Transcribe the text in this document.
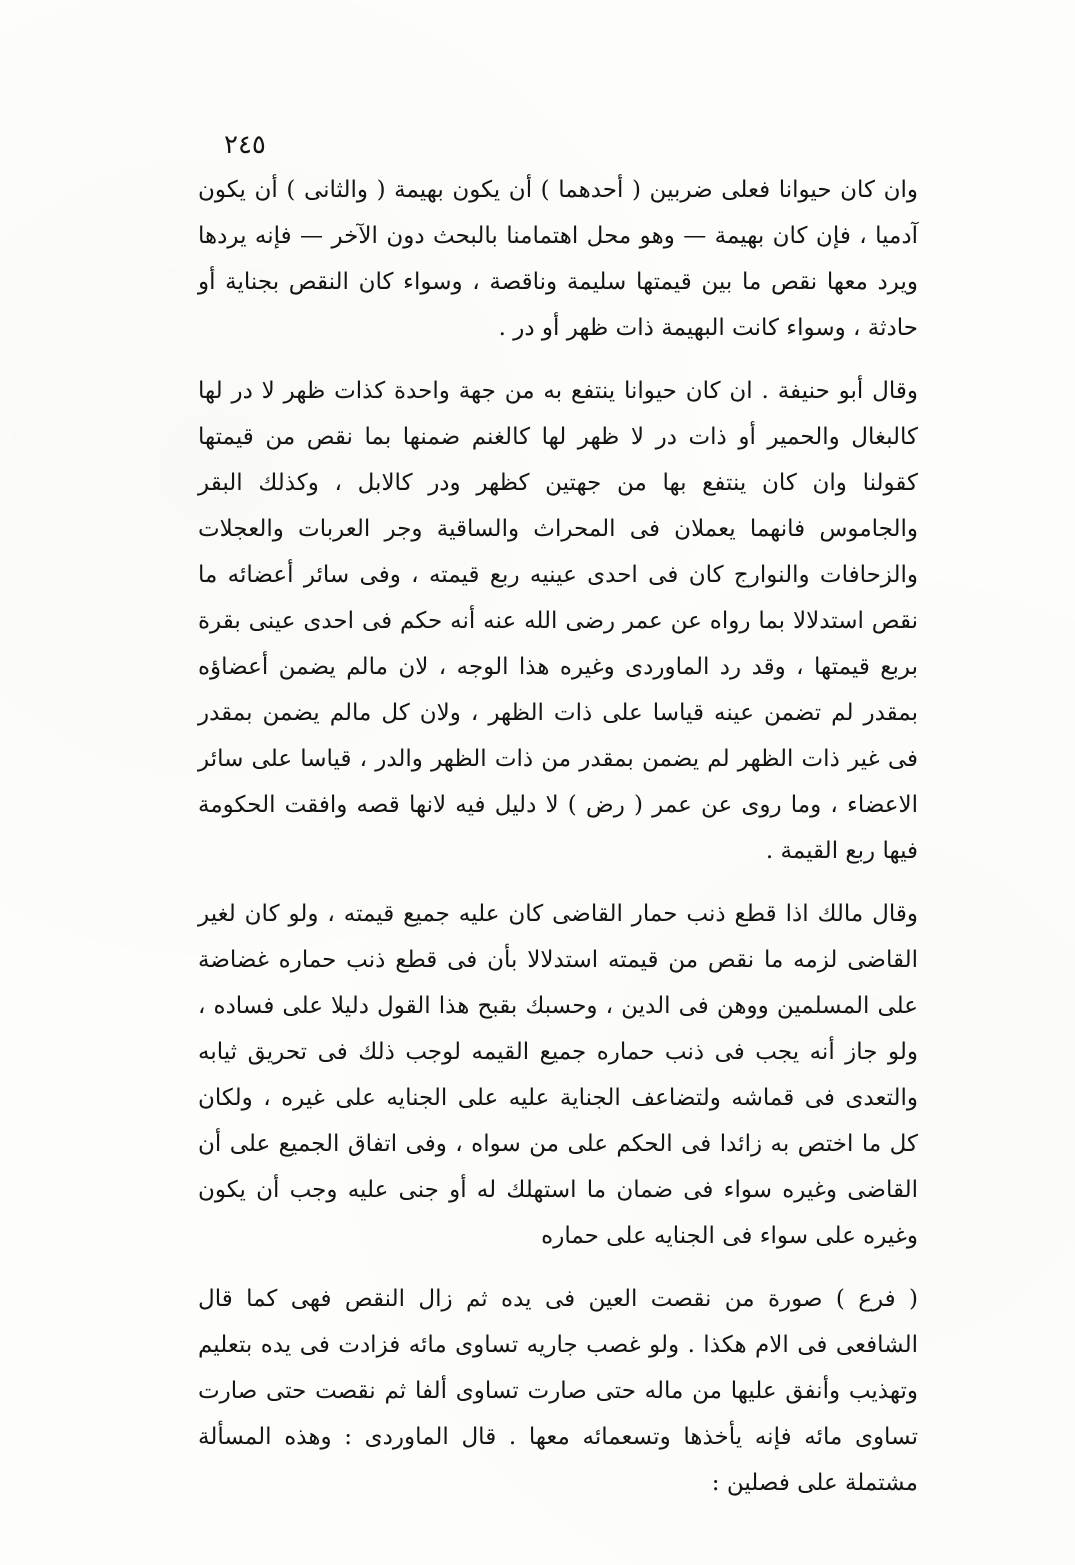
٢٤٥

وان كان حيوانا فعلى ضربين ( أحدهما ) أن يكون بهيمة ( والثانى ) أن يكون آدميا ، فإن كان بهيمة — وهو محل اهتمامنا بالبحث دون الآخر — فإنه يردها ويرد معها نقص ما بين قيمتها سليمة وناقصة ، وسواء كان النقص بجناية أو حادثة ، وسواء كانت البهيمة ذات ظهر أو در .

وقال أبو حنيفة . ان كان حيوانا ينتفع به من جهة واحدة كذات ظهر لا در لها كالبغال والحمير أو ذات در لا ظهر لها كالغنم ضمنها بما نقص من قيمتها كقولنا وان كان ينتفع بها من جهتين كظهر ودر كالابل ، وكذلك البقر والجاموس فانهما يعملان فى المحراث والساقية وجر العربات والعجلات والزحافات والنوارج كان فى احدى عينيه ربع قيمته ، وفى سائر أعضائه ما نقص استدلالا بما رواه عن عمر رضى الله عنه أنه حكم فى احدى عينى بقرة بربع قيمتها ، وقد رد الماوردى وغيره هذا الوجه ، لان مالم يضمن أعضاؤه بمقدر لم تضمن عينه قياسا على ذات الظهر ، ولان كل مالم يضمن بمقدر فى غير ذات الظهر لم يضمن بمقدر من ذات الظهر والدر ، قياسا على سائر الاعضاء ، وما روى عن عمر ( رض ) لا دليل فيه لانها قصه وافقت الحكومة فيها ربع القيمة .

وقال مالك اذا قطع ذنب حمار القاضى كان عليه جميع قيمته ، ولو كان لغير القاضى لزمه ما نقص من قيمته استدلالا بأن فى قطع ذنب حماره غضاضة على المسلمين ووهن فى الدين ، وحسبك بقبح هذا القول دليلا على فساده ، ولو جاز أنه يجب فى ذنب حماره جميع القيمه لوجب ذلك فى تحريق ثيابه والتعدى فى قماشه ولتضاعف الجناية عليه على الجنايه على غيره ، ولكان كل ما اختص به زائدا فى الحكم على من سواه ، وفى اتفاق الجميع على أن القاضى وغيره سواء فى ضمان ما استهلك له أو جنى عليه وجب أن يكون وغيره على سواء فى الجنايه على حماره

( فرع ) صورة من نقصت العين فى يده ثم زال النقص فهى كما قال الشافعى فى الام هكذا . ولو غصب جاريه تساوى مائه فزادت فى يده بتعليم وتهذيب وأنفق عليها من ماله حتى صارت تساوى ألفا ثم نقصت حتى صارت تساوى مائه فإنه يأخذها وتسعمائه معها . قال الماوردى : وهذه المسألة مشتملة على فصلين :
